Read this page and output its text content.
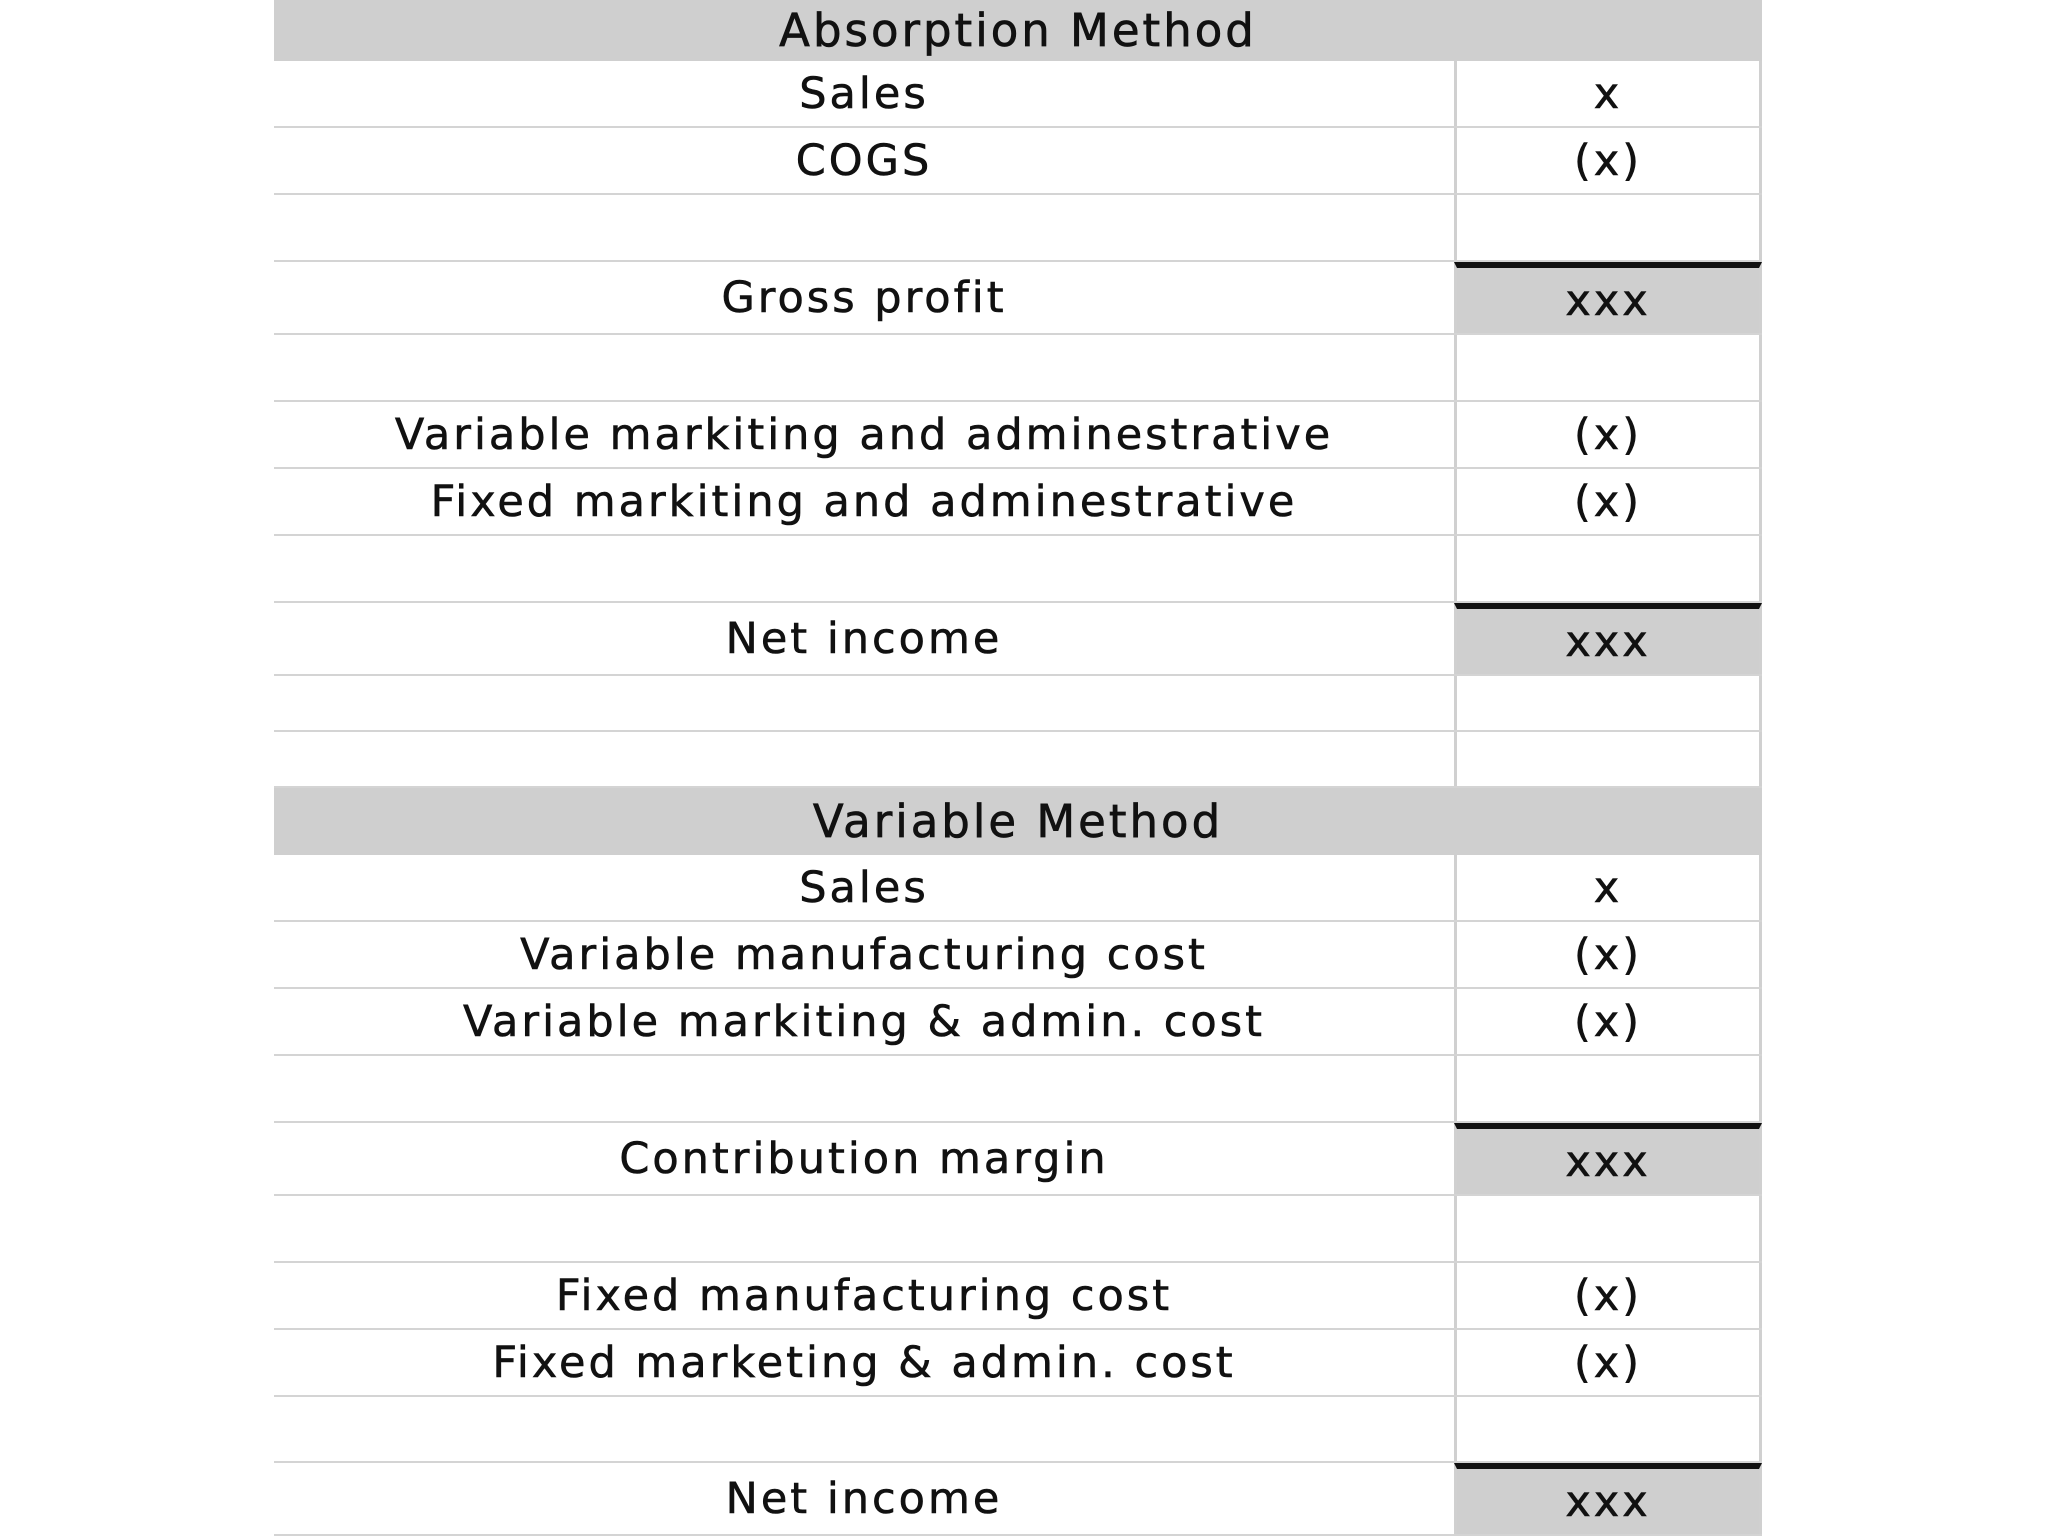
Absorption Method
Sales	x
COGS	(x)
Gross profit	xxx
Variable markiting and adminestrative	(x)
Fixed markiting and adminestrative	(x)
Net income	xxx
Variable Method
Sales	x
Variable manufacturing cost	(x)
Variable markiting & admin. cost	(x)
Contribution margin	xxx
Fixed manufacturing cost	(x)
Fixed marketing & admin. cost	(x)
Net income	xxx
